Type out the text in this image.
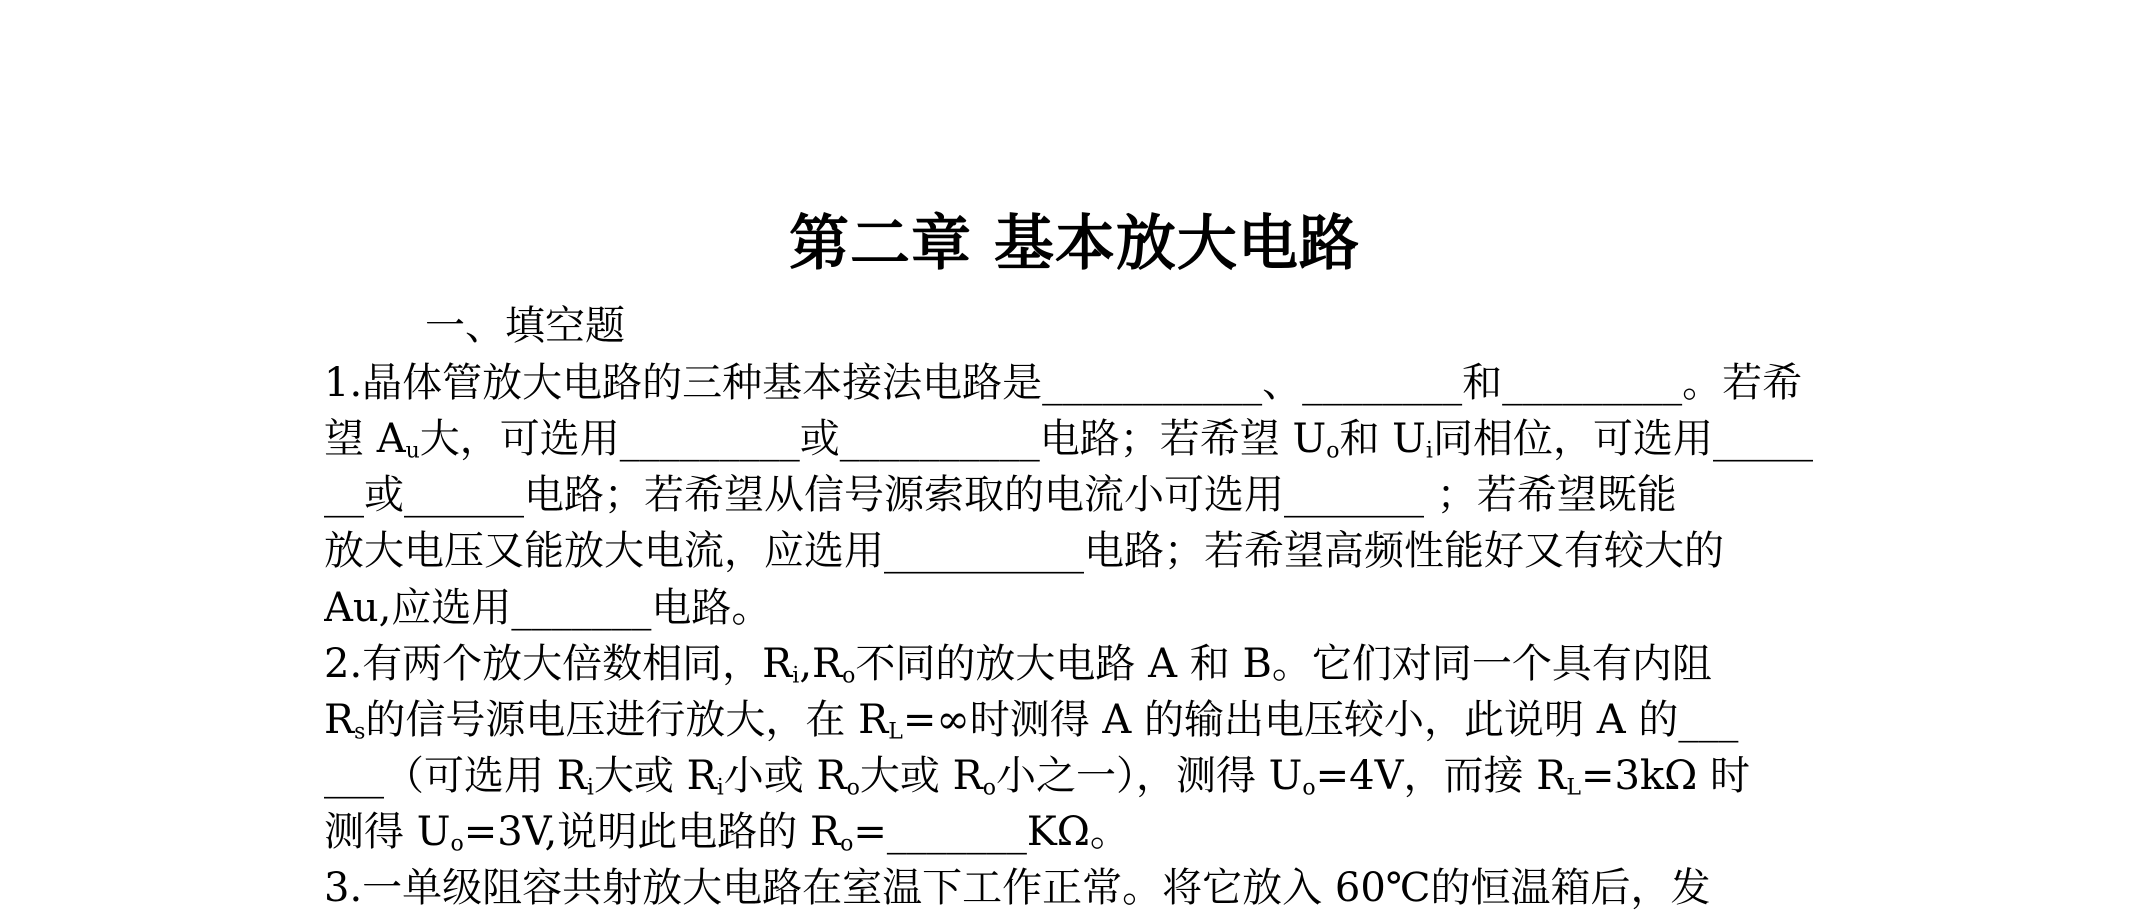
第二章 基本放大电路
一、填空题
1.晶体管放大电路的三种基本接法电路是___________、________和_________。若希
望 $A_u$大，可选用_________或__________电路；若希望 $U_o$和 $U_i$同相位，可选用_____
__或______电路；若希望从信号源索取的电流小可选用_______ ；若希望既能
放大电压又能放大电流，应选用__________电路；若希望高频性能好又有较大的
Au,应选用_______电路。
2.有两个放大倍数相同，$R_i,R_o$不同的放大电路 A 和 B。它们对同一个具有内阻
$R_s$的信号源电压进行放大，在 $R_L=\infty$时测得 A 的输出电压较小，此说明 A 的___
___（可选用 $R_i$大或 $R_i$小或 $R_o$大或 $R_o$小之一），测得 $U_o=4V$，而接 $R_L=3k\Omega$ 时
测得 $U_o=3V$,说明此电路的 $R_o=\_\_\_\_\_\_\_K\Omega$。
3.一单级阻容共射放大电路在室温下工作正常。将它放入 60℃的恒温箱后，发
